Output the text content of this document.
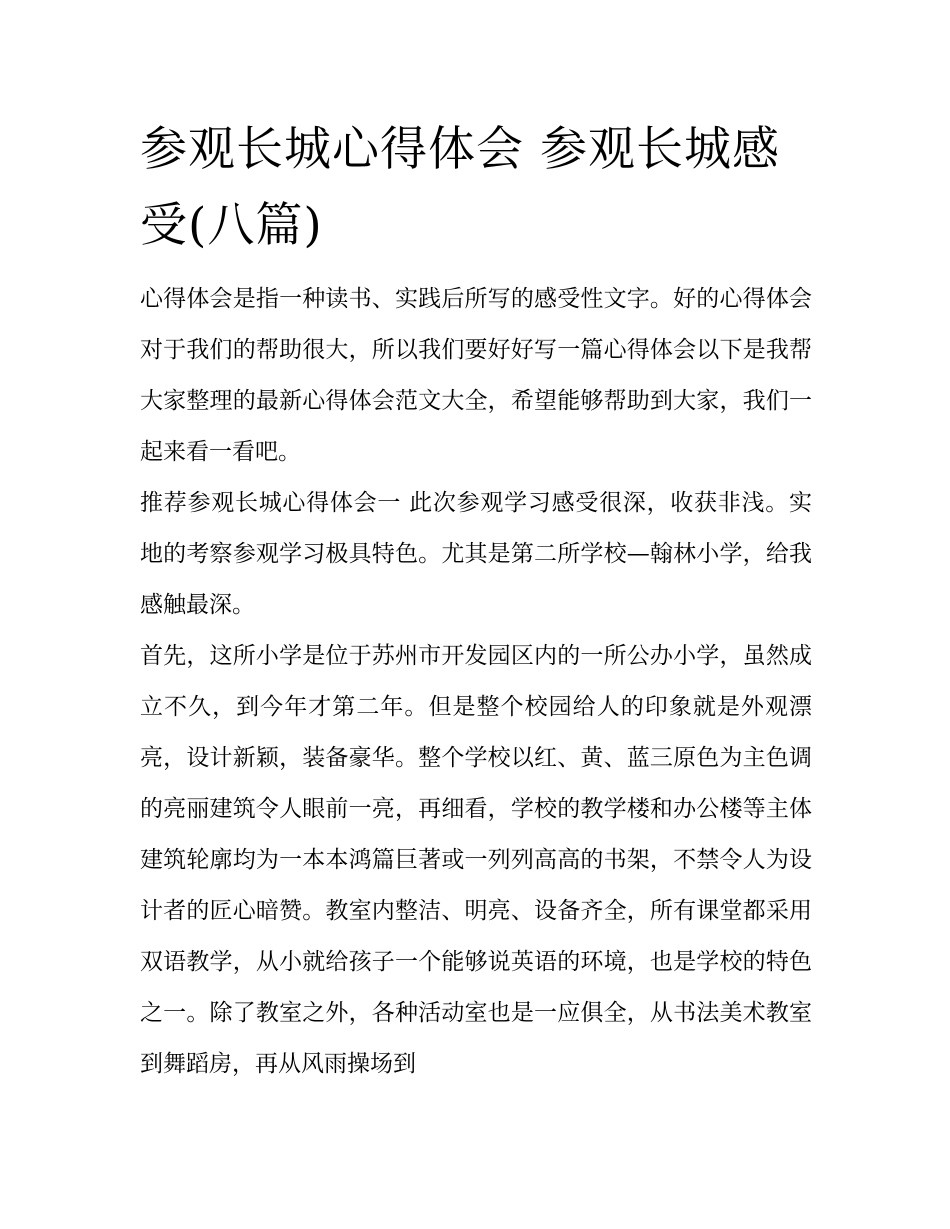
参观长城心得体会 参观长城感受(八篇)

心得体会是指一种读书、实践后所写的感受性文字。好的心得体会对于我们的帮助很大，所以我们要好好写一篇心得体会以下是我帮大家整理的最新心得体会范文大全，希望能够帮助到大家，我们一起来看一看吧。

推荐参观长城心得体会一 此次参观学习感受很深，收获非浅。实地的考察参观学习极具特色。尤其是第二所学校—翰林小学，给我感触最深。

首先，这所小学是位于苏州市开发园区内的一所公办小学，虽然成立不久，到今年才第二年。但是整个校园给人的印象就是外观漂亮，设计新颖，装备豪华。整个学校以红、黄、蓝三原色为主色调的亮丽建筑令人眼前一亮，再细看，学校的教学楼和办公楼等主体建筑轮廓均为一本本鸿篇巨著或一列列高高的书架，不禁令人为设计者的匠心暗赞。教室内整洁、明亮、设备齐全，所有课堂都采用双语教学，从小就给孩子一个能够说英语的环境，也是学校的特色之一。除了教室之外，各种活动室也是一应俱全，从书法美术教室到舞蹈房，再从风雨操场到
